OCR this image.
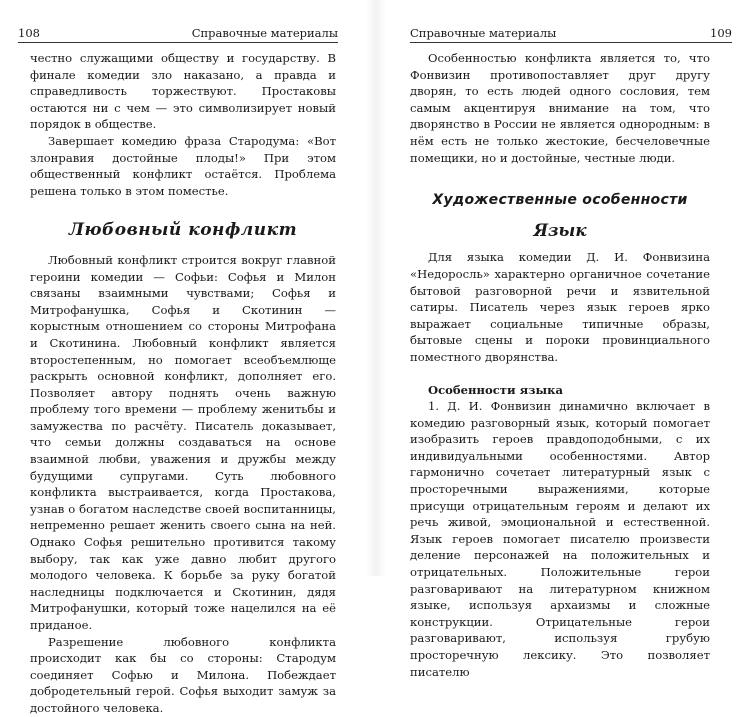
108	Справочные материалы

честно служащими обществу и государству. В финале комедии зло наказано, а правда и справедливость торжествуют. Простаковы остаются ни с чем — это символизирует новый порядок в обществе.

Завершает комедию фраза Стародума: «Вот злонравия достойные плоды!» При этом общественный конфликт остаётся. Проблема решена только в этом поместье.

Любовный конфликт

Любовный конфликт строится вокруг главной героини комедии — Софьи: Софья и Милон связаны взаимными чувствами; Софья и Митрофанушка, Софья и Скотинин — корыстным отношением со стороны Митрофана и Скотинина. Любовный конфликт является второстепенным, но помогает всеобъемлюще раскрыть основной конфликт, дополняет его. Позволяет автору поднять очень важную проблему того времени — проблему женитьбы и замужества по расчёту. Писатель доказывает, что семьи должны создаваться на основе взаимной любви, уважения и дружбы между будущими супругами. Суть любовного конфликта выстраивается, когда Простакова, узнав о богатом наследстве своей воспитанницы, непременно решает женить своего сына на ней. Однако Софья решительно противится такому выбору, так как уже давно любит другого молодого человека. К борьбе за руку богатой наследницы подключается и Скотинин, дядя Митрофанушки, который тоже нацелился на её приданое.

Разрешение любовного конфликта происходит как бы со стороны: Стародум соединяет Софью и Милона. Побеждает добродетельный герой. Софья выходит замуж за достойного человека.

Справочные материалы	109

Особенностью конфликта является то, что Фонвизин противопоставляет друг другу дворян, то есть людей одного сословия, тем самым акцентируя внимание на том, что дворянство в России не является однородным: в нём есть не только жестокие, бесчеловечные помещики, но и достойные, честные люди.

Художественные особенности
Язык

Для языка комедии Д. И. Фонвизина «Недоросль» характерно органичное сочетание бытовой разговорной речи и язвительной сатиры. Писатель через язык героев ярко выражает социальные типичные образы, бытовые сцены и пороки провинциального поместного дворянства.

Особенности языка

1. Д. И. Фонвизин динамично включает в комедию разговорный язык, который помогает изобразить героев правдоподобными, с их индивидуальными особенностями. Автор гармонично сочетает литературный язык с просторечными выражениями, которые присущи отрицательным героям и делают их речь живой, эмоциональной и естественной. Язык героев помогает писателю произвести деление персонажей на положительных и отрицательных. Положительные герои разговаривают на литературном книжном языке, используя архаизмы и сложные конструкции. Отрицательные герои разговаривают, используя грубую просторечную лексику. Это позволяет писателю
